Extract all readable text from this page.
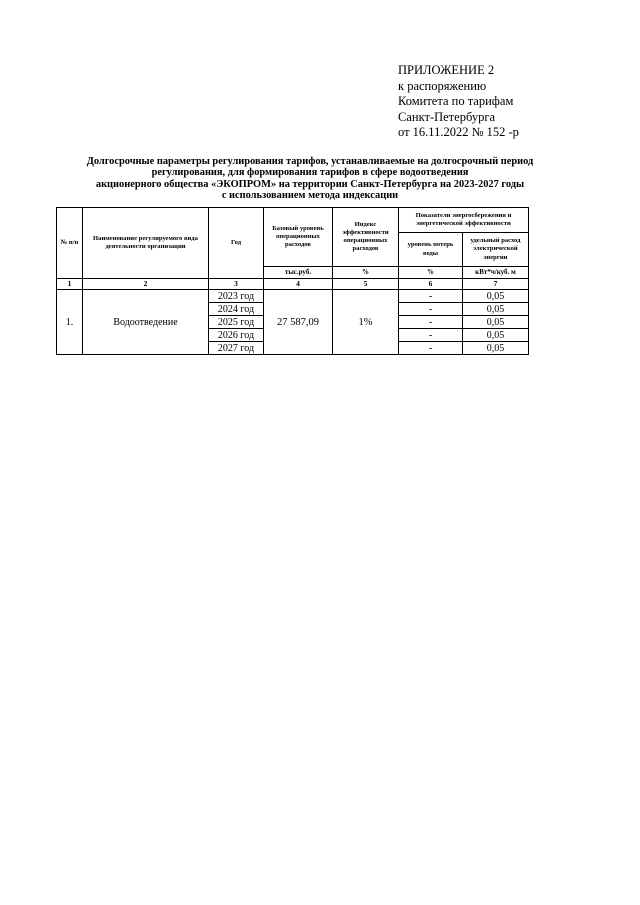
ПРИЛОЖЕНИЕ 2
к распоряжению
Комитета по тарифам
Санкт-Петербурга
от 16.11.2022 № 152 -р
Долгосрочные параметры регулирования тарифов, устанавливаемые на долгосрочный период
регулирования, для формирования тарифов в сфере водоотведения
акционерного общества «ЭКОПРОМ» на территории Санкт-Петербурга на 2023-2027 годы
с использованием метода индексации
№ п/п	Наименование регулируемого вида деятельности организации	Год	Базовый уровень операционных расходов	Индекс эффективности операционных расходов	Показатели энергосбережения и энергетической эффективности	
					уровень потерь воды	удельный расход электрической энергии
			тыс.руб.	%	%	кВт*ч/куб. м
1	2	3	4	5	6	7
1.	Водоотведение	2023 год	27 587,09	1%	-	0,05
		2024 год			-	0,05
		2025 год			-	0,05
		2026 год			-	0,05
		2027 год			-	0,05
